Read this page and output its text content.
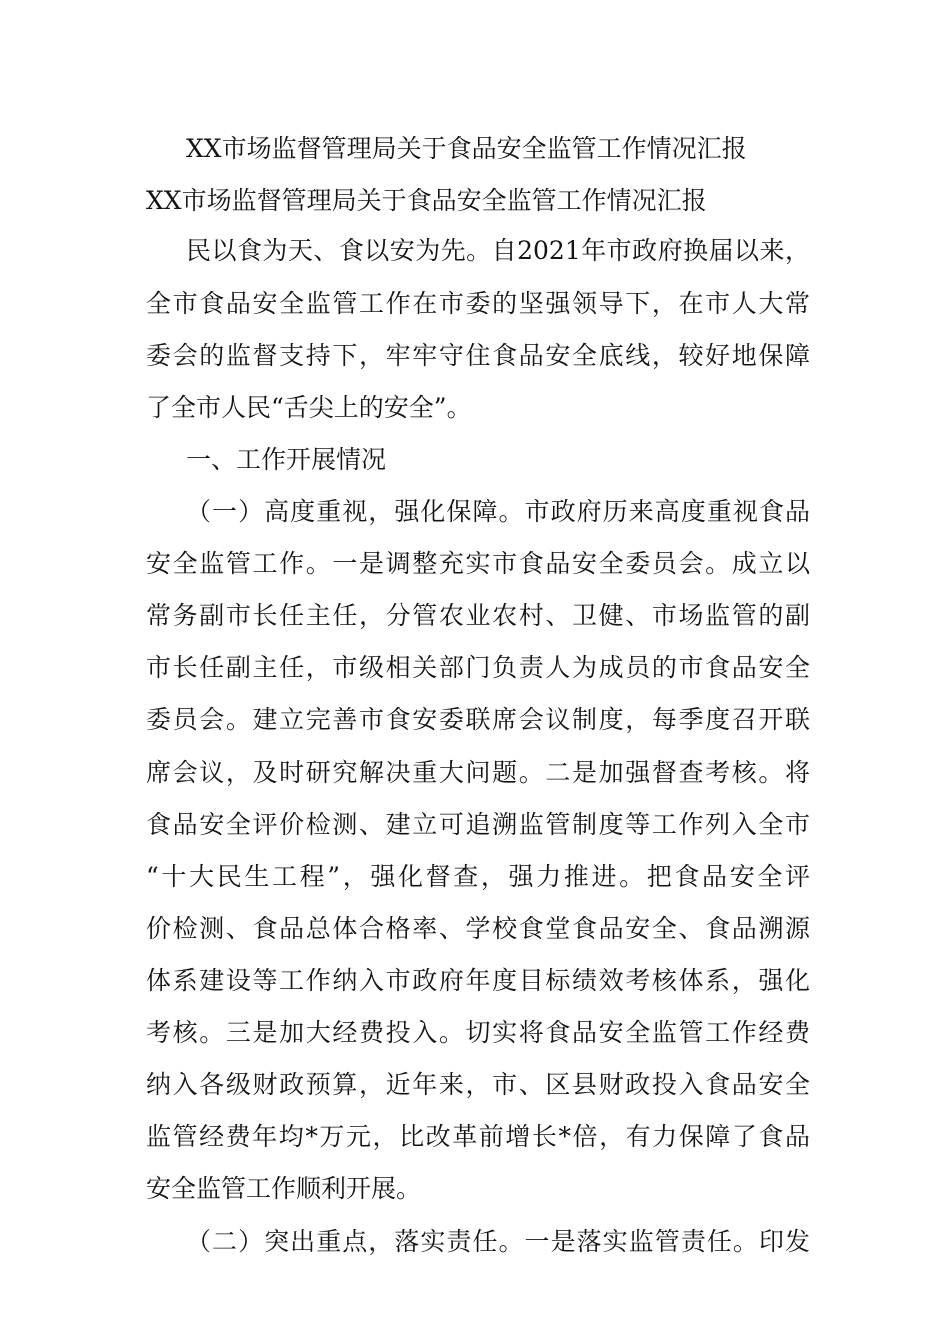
XX市场监督管理局关于食品安全监管工作情况汇报
XX市场监督管理局关于食品安全监管工作情况汇报
民以食为天、食以安为先。自2021年市政府换届以来，
全市食品安全监管工作在市委的坚强领导下，在市人大常
委会的监督支持下，牢牢守住食品安全底线，较好地保障
了全市人民“舌尖上的安全”。
一、工作开展情况
（一）高度重视，强化保障。市政府历来高度重视食品
安全监管工作。一是调整充实市食品安全委员会。成立以
常务副市长任主任，分管农业农村、卫健、市场监管的副
市长任副主任，市级相关部门负责人为成员的市食品安全
委员会。建立完善市食安委联席会议制度，每季度召开联
席会议，及时研究解决重大问题。二是加强督查考核。将
食品安全评价检测、建立可追溯监管制度等工作列入全市
“十大民生工程”，强化督查，强力推进。把食品安全评
价检测、食品总体合格率、学校食堂食品安全、食品溯源
体系建设等工作纳入市政府年度目标绩效考核体系，强化
考核。三是加大经费投入。切实将食品安全监管工作经费
纳入各级财政预算，近年来，市、区县财政投入食品安全
监管经费年均*万元，比改革前增长*倍，有力保障了食品
安全监管工作顺利开展。
（二）突出重点，落实责任。一是落实监管责任。印发
